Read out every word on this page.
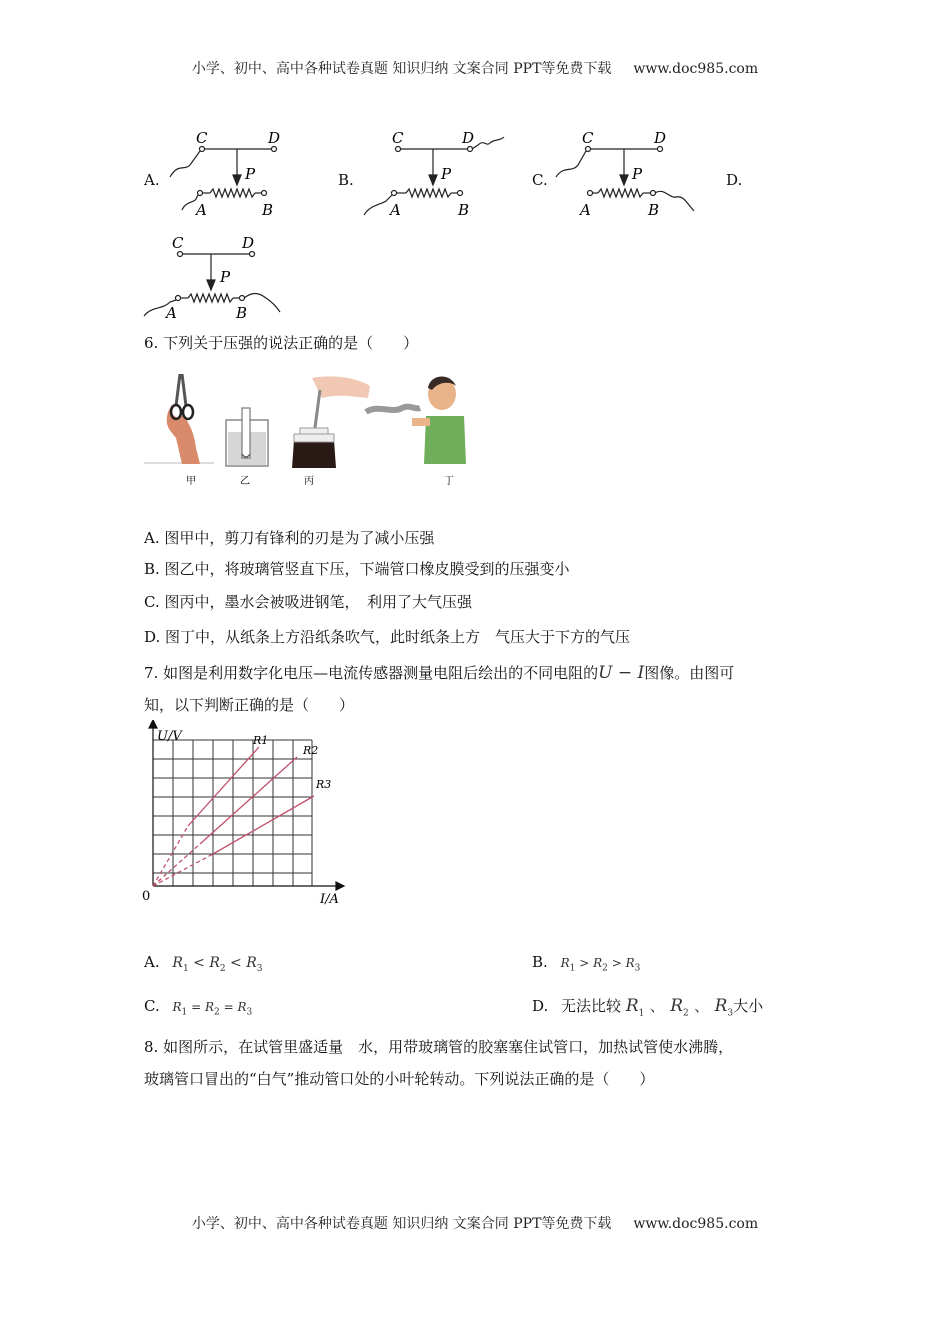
小学、初中、高中各种试卷真题 知识归纳 文案合同 PPT等免费下载 www.doc985.com
A.	B.	C.	D.
C	D
P
A	B
C	D
P
A	B
C	D
P
A	B
C	D
P
A	B
6. 下列关于压强的说法正确的是（　　）
甲	乙	丙	丁
A. 图甲中，剪刀有锋利的刃是为了减小压强
B. 图乙中，将玻璃管竖直下压，下端管口橡皮膜受到的压强变小
C. 图丙中，墨水会被吸进钢笔，　利用了大气压强
D. 图丁中，从纸条上方沿纸条吹气，此时纸条上方　气压大于下方的气压
7. 如图是利用数字化电压—电流传感器测量电阻后绘出的不同电阻的U − I图像。由图可
知，以下判断正确的是（　　）
U/V
I/A
0
R1
R2
R3
A. $R_1 < R_2 < R_3$	B. $R_1 > R_2 > R_3$
C. $R_1 = R_2 = R_3$	D. 无法比较 $R_1$ 、 $R_2$ 、 $R_3$大小
8. 如图所示，在试管里盛适量　水，用带玻璃管的胶塞塞住试管口，加热试管使水沸腾，
玻璃管口冒出的“白气”推动管口处的小叶轮转动。下列说法正确的是（　　）
小学、初中、高中各种试卷真题 知识归纳 文案合同 PPT等免费下载 www.doc985.com
